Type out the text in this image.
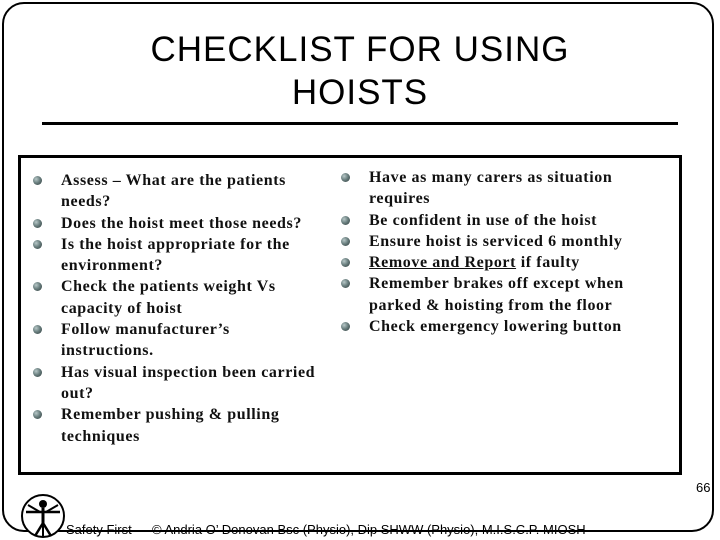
CHECKLIST FOR USING
HOISTS
Assess – What are the patients needs?
Does the hoist meet those needs?
Is the hoist appropriate for the environment?
Check the patients weight Vs capacity of hoist
Follow manufacturer’s instructions.
Has visual inspection been carried out?
Remember pushing & pulling techniques
Have as many carers as situation requires
Be confident in use of the hoist
Ensure hoist is serviced 6 monthly
Remove and Report if faulty
Remember brakes off except when parked & hoisting from the floor
Check emergency lowering button
Safety First © Andria O’ Donovan Bsc (Physio), Dip SHWW (Physio), M.I.S.C.P. MIOSH
66
